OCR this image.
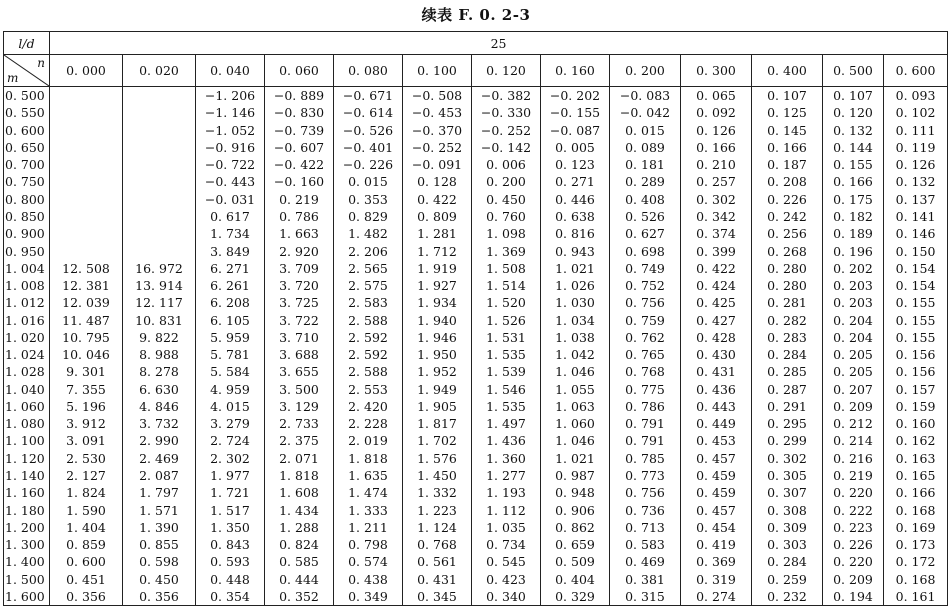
续表 F. 0. 2-3
l/d	25												

n
m	0. 000	0. 020	0. 040	0. 060	0. 080	0. 100	0. 120	0. 160	0. 200	0. 300	0. 400	0. 500	0. 600
0. 500			−1. 206	−0. 889	−0. 671	−0. 508	−0. 382	−0. 202	−0. 083	0. 065	0. 107	0. 107	0. 093
0. 550			−1. 146	−0. 830	−0. 614	−0. 453	−0. 330	−0. 155	−0. 042	0. 092	0. 125	0. 120	0. 102
0. 600			−1. 052	−0. 739	−0. 526	−0. 370	−0. 252	−0. 087	0. 015	0. 126	0. 145	0. 132	0. 111
0. 650			−0. 916	−0. 607	−0. 401	−0. 252	−0. 142	0. 005	0. 089	0. 166	0. 166	0. 144	0. 119
0. 700			−0. 722	−0. 422	−0. 226	−0. 091	0. 006	0. 123	0. 181	0. 210	0. 187	0. 155	0. 126
0. 750			−0. 443	−0. 160	0. 015	0. 128	0. 200	0. 271	0. 289	0. 257	0. 208	0. 166	0. 132
0. 800			−0. 031	0. 219	0. 353	0. 422	0. 450	0. 446	0. 408	0. 302	0. 226	0. 175	0. 137
0. 850			0. 617	0. 786	0. 829	0. 809	0. 760	0. 638	0. 526	0. 342	0. 242	0. 182	0. 141
0. 900			1. 734	1. 663	1. 482	1. 281	1. 098	0. 816	0. 627	0. 374	0. 256	0. 189	0. 146
0. 950			3. 849	2. 920	2. 206	1. 712	1. 369	0. 943	0. 698	0. 399	0. 268	0. 196	0. 150
1. 004	12. 508	16. 972	6. 271	3. 709	2. 565	1. 919	1. 508	1. 021	0. 749	0. 422	0. 280	0. 202	0. 154
1. 008	12. 381	13. 914	6. 261	3. 720	2. 575	1. 927	1. 514	1. 026	0. 752	0. 424	0. 280	0. 203	0. 154
1. 012	12. 039	12. 117	6. 208	3. 725	2. 583	1. 934	1. 520	1. 030	0. 756	0. 425	0. 281	0. 203	0. 155
1. 016	11. 487	10. 831	6. 105	3. 722	2. 588	1. 940	1. 526	1. 034	0. 759	0. 427	0. 282	0. 204	0. 155
1. 020	10. 795	9. 822	5. 959	3. 710	2. 592	1. 946	1. 531	1. 038	0. 762	0. 428	0. 283	0. 204	0. 155
1. 024	10. 046	8. 988	5. 781	3. 688	2. 592	1. 950	1. 535	1. 042	0. 765	0. 430	0. 284	0. 205	0. 156
1. 028	9. 301	8. 278	5. 584	3. 655	2. 588	1. 952	1. 539	1. 046	0. 768	0. 431	0. 285	0. 205	0. 156
1. 040	7. 355	6. 630	4. 959	3. 500	2. 553	1. 949	1. 546	1. 055	0. 775	0. 436	0. 287	0. 207	0. 157
1. 060	5. 196	4. 846	4. 015	3. 129	2. 420	1. 905	1. 535	1. 063	0. 786	0. 443	0. 291	0. 209	0. 159
1. 080	3. 912	3. 732	3. 279	2. 733	2. 228	1. 817	1. 497	1. 060	0. 791	0. 449	0. 295	0. 212	0. 160
1. 100	3. 091	2. 990	2. 724	2. 375	2. 019	1. 702	1. 436	1. 046	0. 791	0. 453	0. 299	0. 214	0. 162
1. 120	2. 530	2. 469	2. 302	2. 071	1. 818	1. 576	1. 360	1. 021	0. 785	0. 457	0. 302	0. 216	0. 163
1. 140	2. 127	2. 087	1. 977	1. 818	1. 635	1. 450	1. 277	0. 987	0. 773	0. 459	0. 305	0. 219	0. 165
1. 160	1. 824	1. 797	1. 721	1. 608	1. 474	1. 332	1. 193	0. 948	0. 756	0. 459	0. 307	0. 220	0. 166
1. 180	1. 590	1. 571	1. 517	1. 434	1. 333	1. 223	1. 112	0. 906	0. 736	0. 457	0. 308	0. 222	0. 168
1. 200	1. 404	1. 390	1. 350	1. 288	1. 211	1. 124	1. 035	0. 862	0. 713	0. 454	0. 309	0. 223	0. 169
1. 300	0. 859	0. 855	0. 843	0. 824	0. 798	0. 768	0. 734	0. 659	0. 583	0. 419	0. 303	0. 226	0. 173
1. 400	0. 600	0. 598	0. 593	0. 585	0. 574	0. 561	0. 545	0. 509	0. 469	0. 369	0. 284	0. 220	0. 172
1. 500	0. 451	0. 450	0. 448	0. 444	0. 438	0. 431	0. 423	0. 404	0. 381	0. 319	0. 259	0. 209	0. 168
1. 600	0. 356	0. 356	0. 354	0. 352	0. 349	0. 345	0. 340	0. 329	0. 315	0. 274	0. 232	0. 194	0. 161
